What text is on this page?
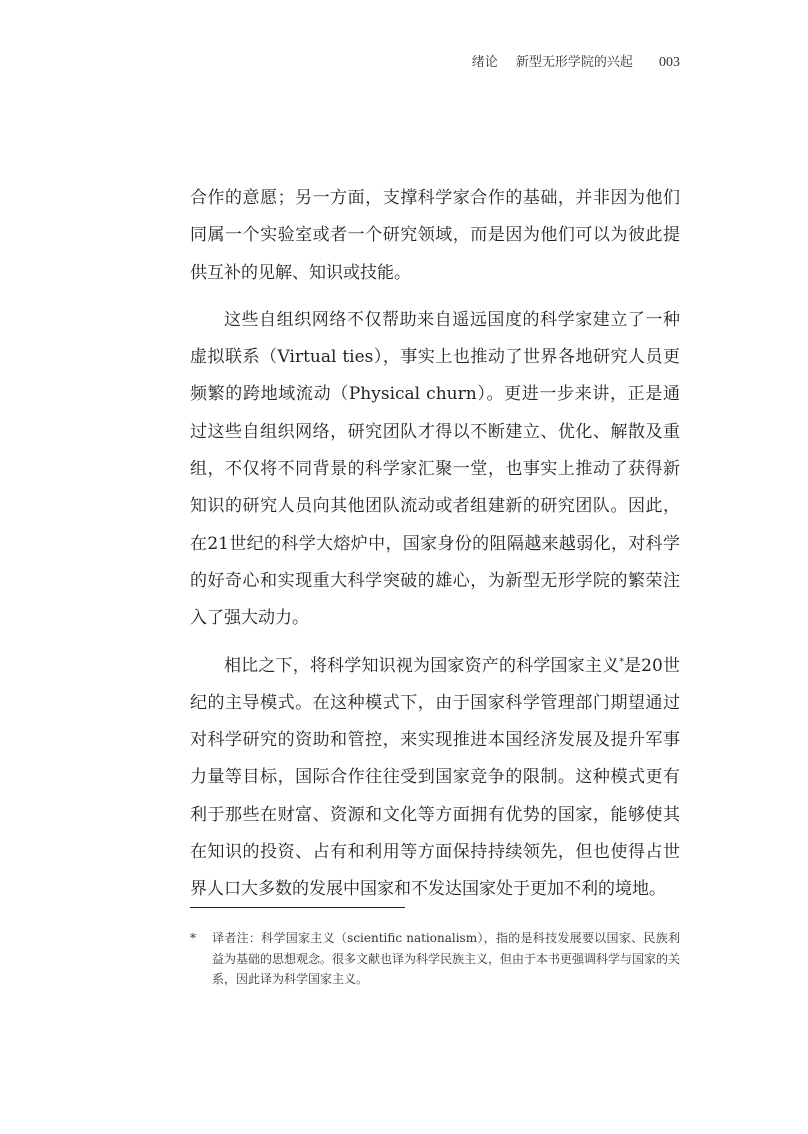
绪论 新型无形学院的兴起 003

合作的意愿；另一方面，支撑科学家合作的基础，并非因为他们同属一个实验室或者一个研究领域，而是因为他们可以为彼此提供互补的见解、知识或技能。

这些自组织网络不仅帮助来自遥远国度的科学家建立了一种虚拟联系（Virtual ties），事实上也推动了世界各地研究人员更频繁的跨地域流动（Physical churn）。更进一步来讲，正是通过这些自组织网络，研究团队才得以不断建立、优化、解散及重组，不仅将不同背景的科学家汇聚一堂，也事实上推动了获得新知识的研究人员向其他团队流动或者组建新的研究团队。因此，在21世纪的科学大熔炉中，国家身份的阻隔越来越弱化，对科学的好奇心和实现重大科学突破的雄心，为新型无形学院的繁荣注入了强大动力。

相比之下，将科学知识视为国家资产的科学国家主义*是20世纪的主导模式。在这种模式下，由于国家科学管理部门期望通过对科学研究的资助和管控，来实现推进本国经济发展及提升军事力量等目标，国际合作往往受到国家竞争的限制。这种模式更有利于那些在财富、资源和文化等方面拥有优势的国家，能够使其在知识的投资、占有和利用等方面保持持续领先，但也使得占世界人口大多数的发展中国家和不发达国家处于更加不利的境地。

* 译者注：科学国家主义（scientific nationalism），指的是科技发展要以国家、民族利益为基础的思想观念。很多文献也译为科学民族主义，但由于本书更强调科学与国家的关系，因此译为科学国家主义。
